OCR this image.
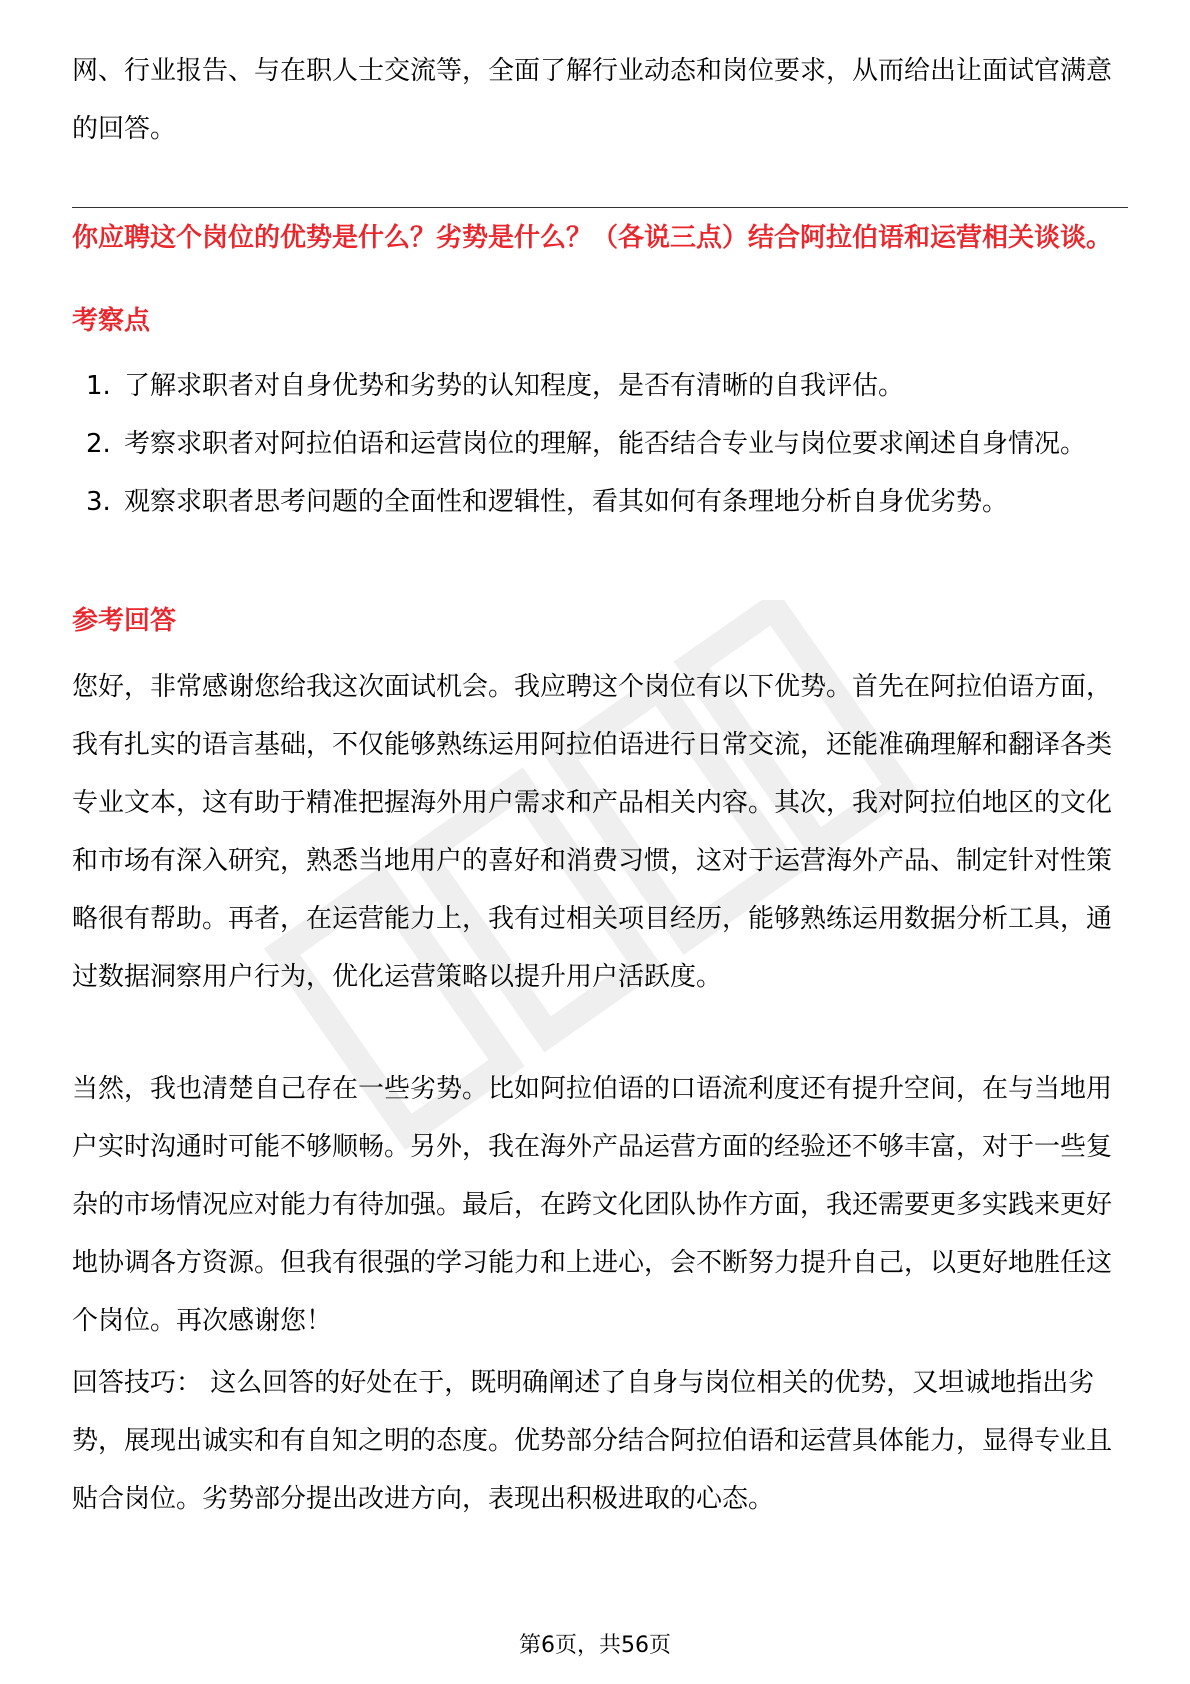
网、行业报告、与在职人士交流等，全面了解行业动态和岗位要求，从而给出让面试官满意的回答。

你应聘这个岗位的优势是什么？劣势是什么？（各说三点）结合阿拉伯语和运营相关谈谈。

考察点

1. 了解求职者对自身优势和劣势的认知程度，是否有清晰的自我评估。
2. 考察求职者对阿拉伯语和运营岗位的理解，能否结合专业与岗位要求阐述自身情况。
3. 观察求职者思考问题的全面性和逻辑性，看其如何有条理地分析自身优劣势。

参考回答

您好，非常感谢您给我这次面试机会。我应聘这个岗位有以下优势。首先在阿拉伯语方面，我有扎实的语言基础，不仅能够熟练运用阿拉伯语进行日常交流，还能准确理解和翻译各类专业文本，这有助于精准把握海外用户需求和产品相关内容。其次，我对阿拉伯地区的文化和市场有深入研究，熟悉当地用户的喜好和消费习惯，这对于运营海外产品、制定针对性策略很有帮助。再者，在运营能力上，我有过相关项目经历，能够熟练运用数据分析工具，通过数据洞察用户行为，优化运营策略以提升用户活跃度。

当然，我也清楚自己存在一些劣势。比如阿拉伯语的口语流利度还有提升空间，在与当地用户实时沟通时可能不够顺畅。另外，我在海外产品运营方面的经验还不够丰富，对于一些复杂的市场情况应对能力有待加强。最后，在跨文化团队协作方面，我还需要更多实践来更好地协调各方资源。但我有很强的学习能力和上进心，会不断努力提升自己，以更好地胜任这个岗位。再次感谢您！

回答技巧： 这么回答的好处在于，既明确阐述了自身与岗位相关的优势，又坦诚地指出劣势，展现出诚实和有自知之明的态度。优势部分结合阿拉伯语和运营具体能力，显得专业且贴合岗位。劣势部分提出改进方向，表现出积极进取的心态。

第6页，共56页
